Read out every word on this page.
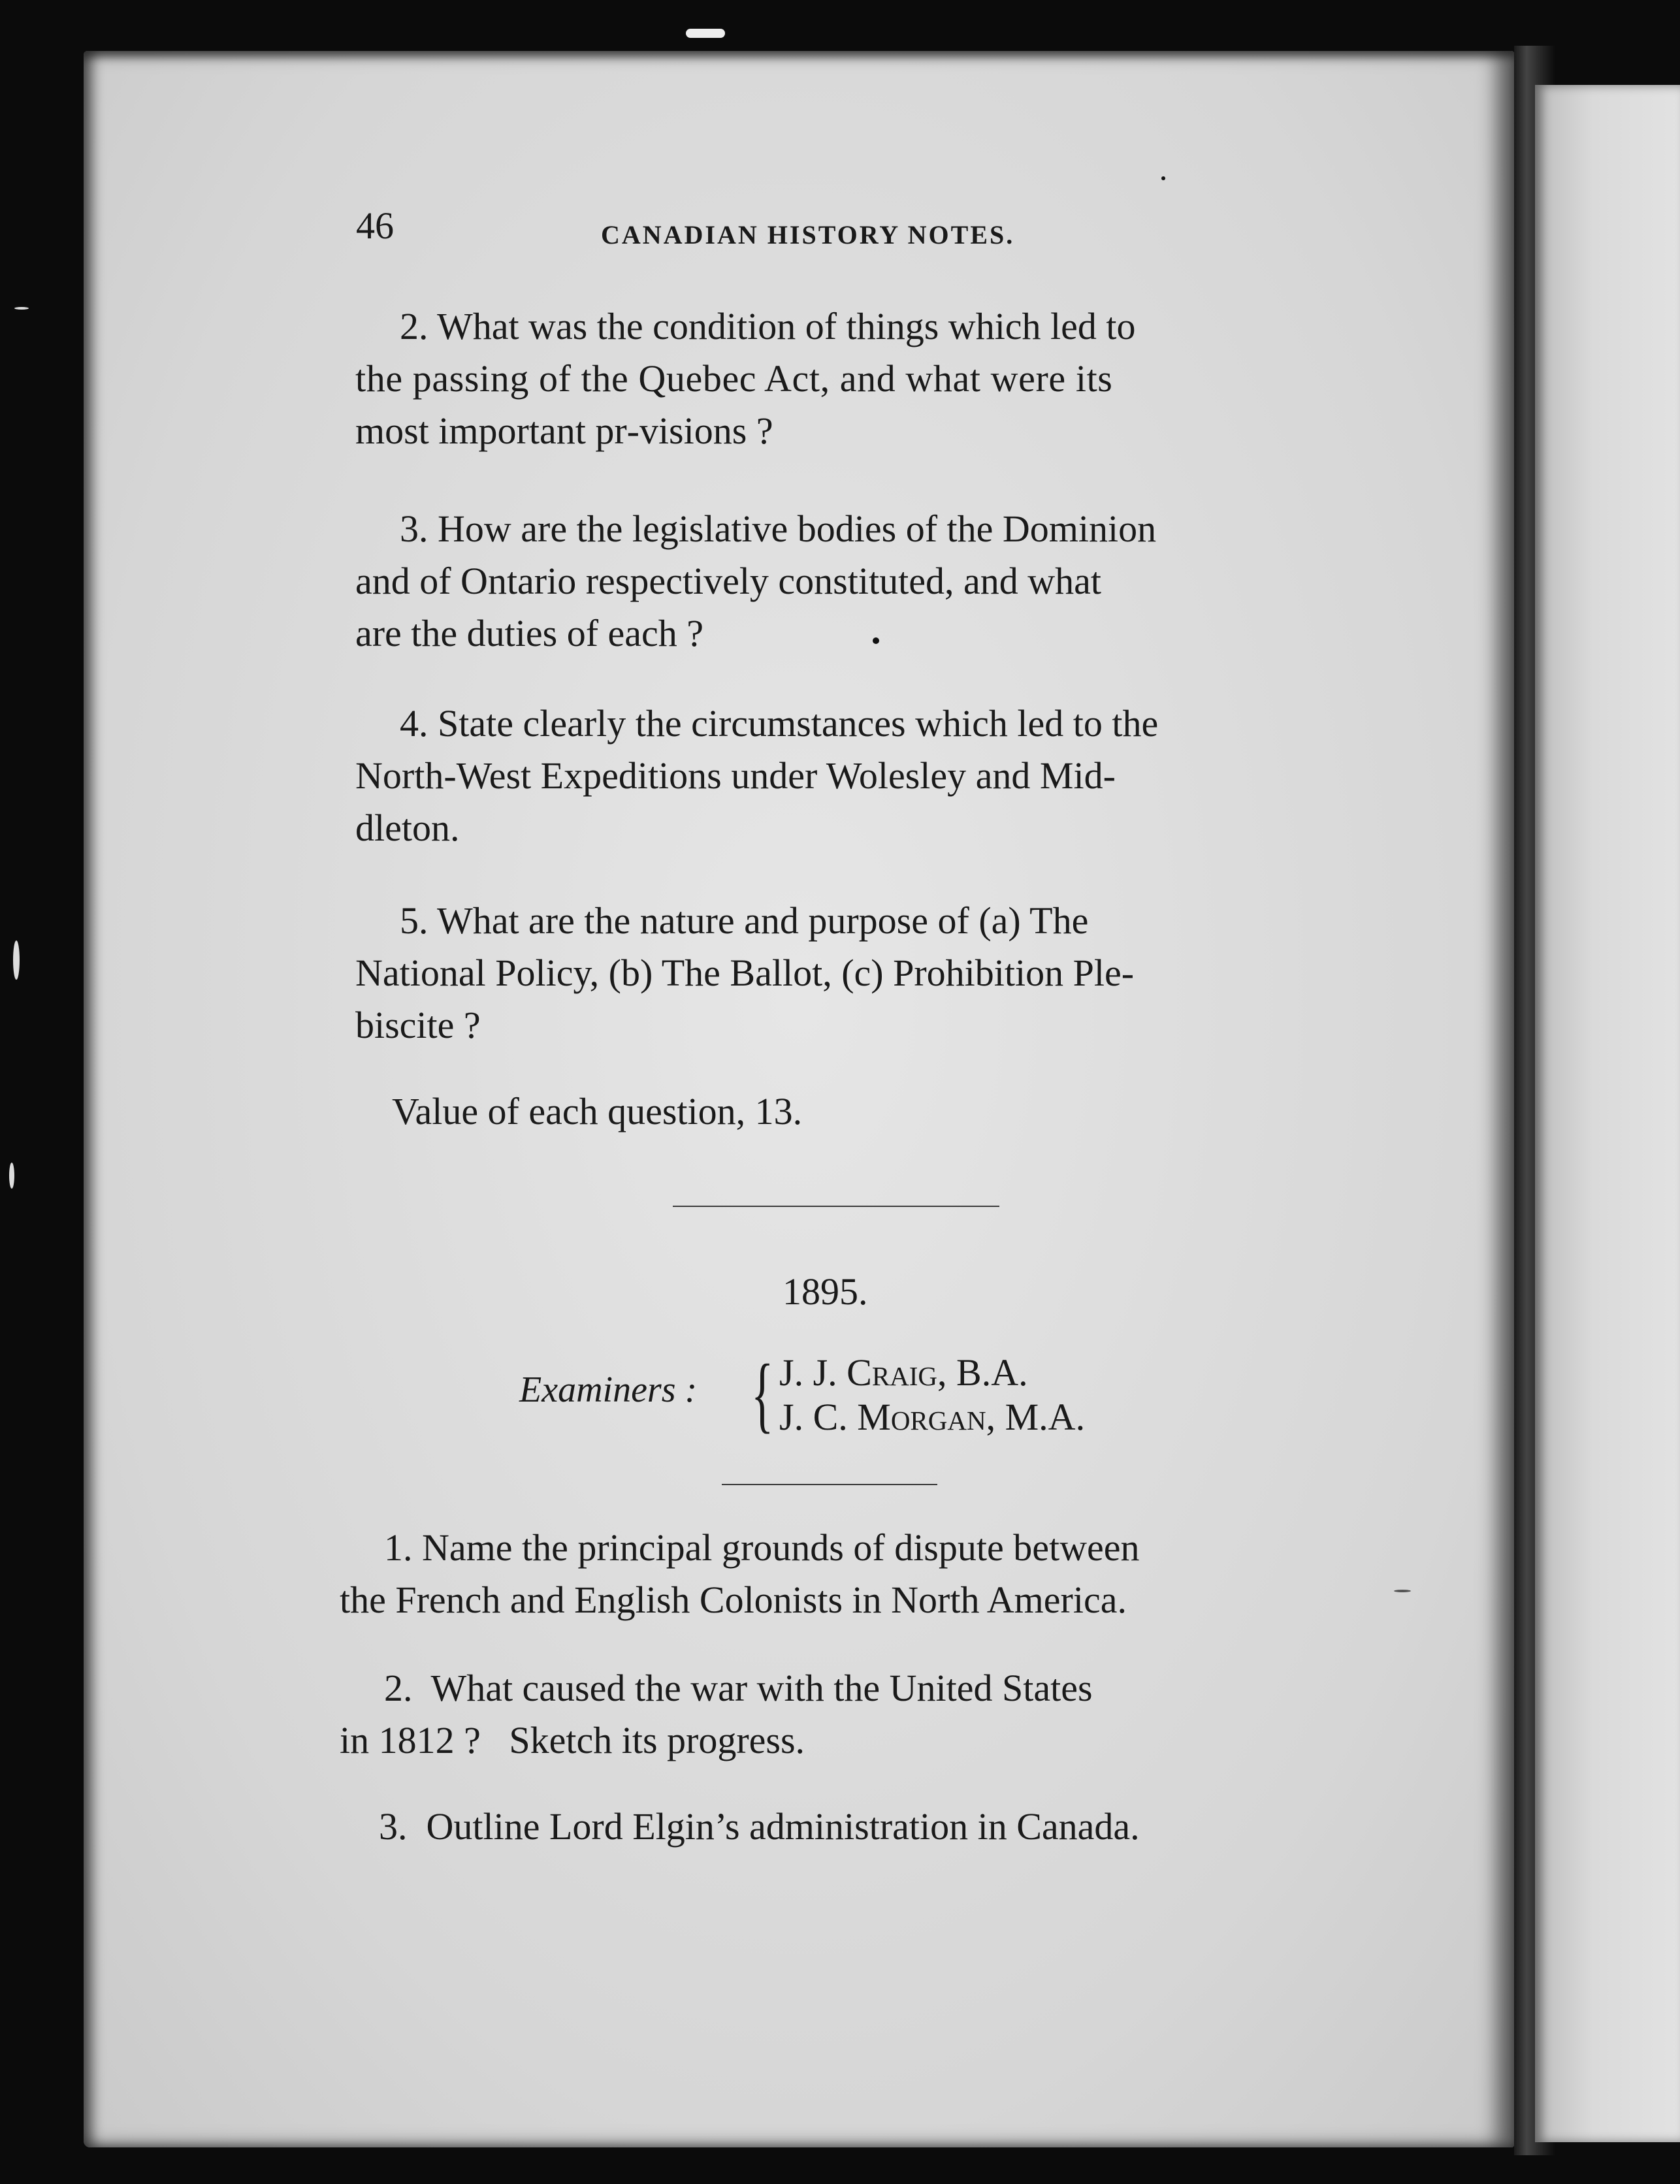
46	CANADIAN HISTORY NOTES.
2. What was the condition of things which led to
the passing of the Quebec Act, and what were its
most important pr‐visions ?
3. How are the legislative bodies of the Dominion
and of Ontario respectively constituted, and what
are the duties of each ?
4. State clearly the circumstances which led to the
North-West Expeditions under Wolesley and Mid-
dleton.
5. What are the nature and purpose of (a) The
National Policy, (b) The Ballot, (c) Prohibition Ple-
biscite ?
Value of each question, 13.
1895.
Examiners : { J. J. Craig, B.A.
J. C. Morgan, M.A.
1. Name the principal grounds of dispute between
the French and English Colonists in North America.
2.  What caused the war with the United States
in 1812 ?   Sketch its progress.
3.  Outline Lord Elgin’s administration in Canada.
